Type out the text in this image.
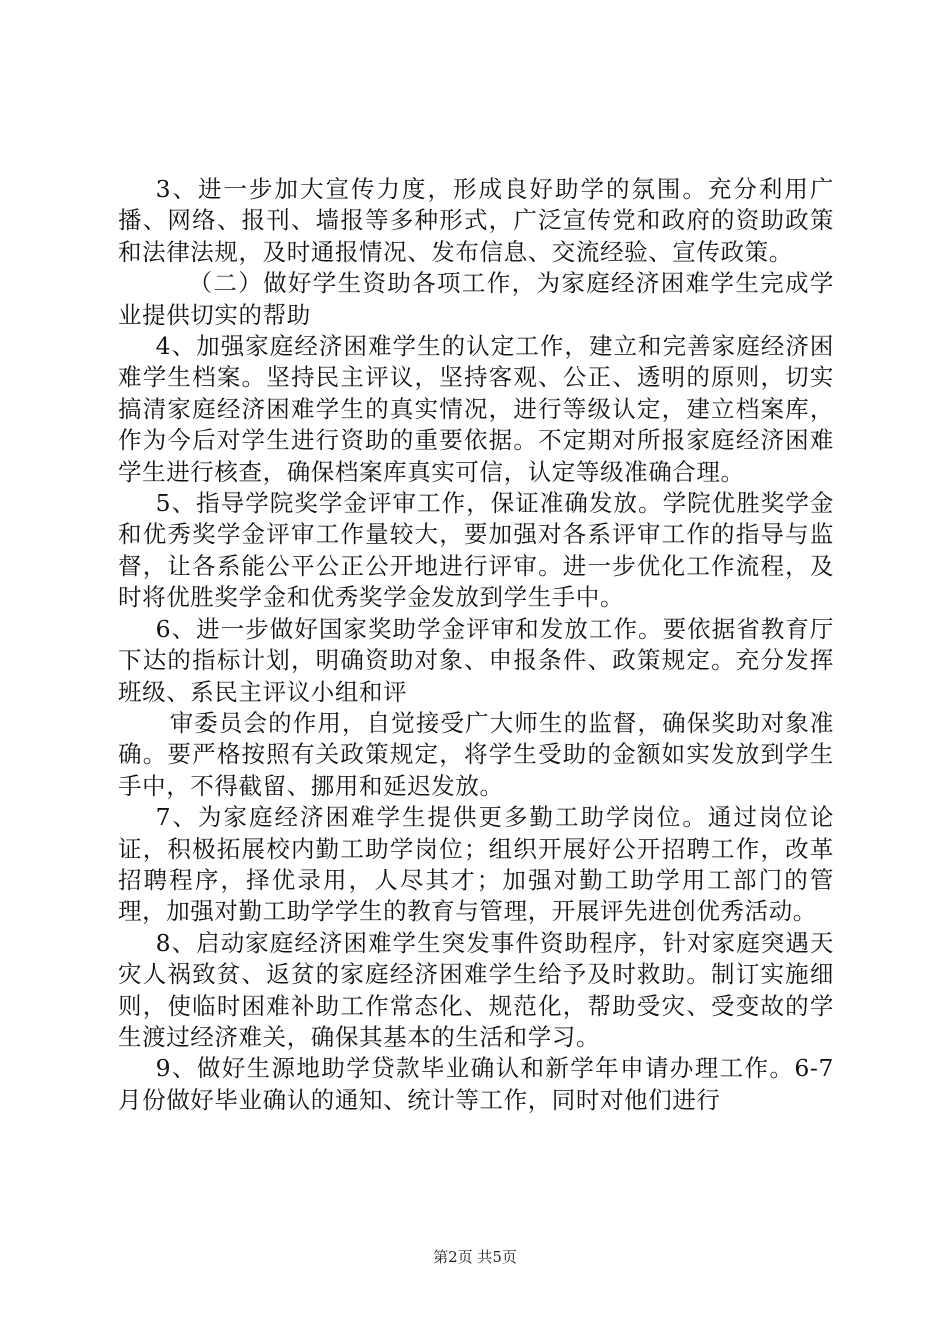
3、进一步加大宣传力度，形成良好助学的氛围。充分利用广播、网络、报刊、墙报等多种形式，广泛宣传党和政府的资助政策和法律法规，及时通报情况、发布信息、交流经验、宣传政策。

（二）做好学生资助各项工作，为家庭经济困难学生完成学业提供切实的帮助

4、加强家庭经济困难学生的认定工作，建立和完善家庭经济困难学生档案。坚持民主评议，坚持客观、公正、透明的原则，切实搞清家庭经济困难学生的真实情况，进行等级认定，建立档案库，作为今后对学生进行资助的重要依据。不定期对所报家庭经济困难学生进行核查，确保档案库真实可信，认定等级准确合理。

5、指导学院奖学金评审工作，保证准确发放。学院优胜奖学金和优秀奖学金评审工作量较大，要加强对各系评审工作的指导与监督，让各系能公平公正公开地进行评审。进一步优化工作流程，及时将优胜奖学金和优秀奖学金发放到学生手中。

6、进一步做好国家奖助学金评审和发放工作。要依据省教育厅下达的指标计划，明确资助对象、申报条件、政策规定。充分发挥班级、系民主评议小组和评

审委员会的作用，自觉接受广大师生的监督，确保奖助对象准确。要严格按照有关政策规定，将学生受助的金额如实发放到学生手中，不得截留、挪用和延迟发放。

7、为家庭经济困难学生提供更多勤工助学岗位。通过岗位论证，积极拓展校内勤工助学岗位；组织开展好公开招聘工作，改革招聘程序，择优录用，人尽其才；加强对勤工助学用工部门的管理，加强对勤工助学学生的教育与管理，开展评先进创优秀活动。

8、启动家庭经济困难学生突发事件资助程序，针对家庭突遇天灾人祸致贫、返贫的家庭经济困难学生给予及时救助。制订实施细则，使临时困难补助工作常态化、规范化，帮助受灾、受变故的学生渡过经济难关，确保其基本的生活和学习。

9、做好生源地助学贷款毕业确认和新学年申请办理工作。6-7月份做好毕业确认的通知、统计等工作，同时对他们进行

第2页 共5页
